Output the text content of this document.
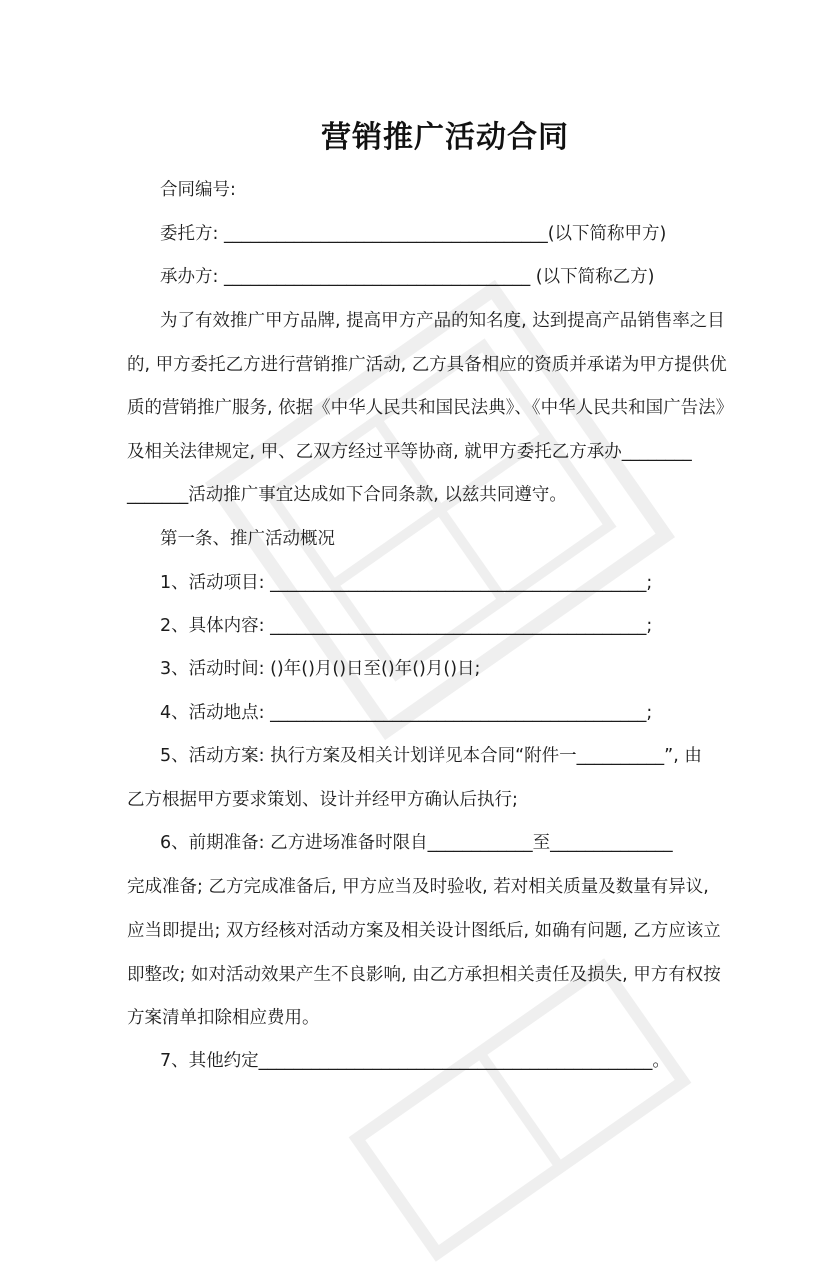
营销推广活动合同
合同编号:
委托方: _____________________________________(以下简称甲方)
承办方: ___________________________________ (以下简称乙方)
为了有效推广甲方品牌, 提高甲方产品的知名度, 达到提高产品销售率之目
的, 甲方委托乙方进行营销推广活动, 乙方具备相应的资质并承诺为甲方提供优
质的营销推广服务, 依据《中华人民共和国民法典》、《中华人民共和国广告法》
及相关法律规定, 甲、乙双方经过平等协商, 就甲方委托乙方承办________
_______活动推广事宜达成如下合同条款, 以兹共同遵守。
第一条、推广活动概况
1、活动项目: ___________________________________________;
2、具体内容: ___________________________________________;
3、活动时间: ()年()月()日至()年()月()日;
4、活动地点: ___________________________________________;
5、活动方案: 执行方案及相关计划详见本合同“附件一__________”, 由
乙方根据甲方要求策划、设计并经甲方确认后执行;
6、前期准备: 乙方进场准备时限自____________至______________
完成准备; 乙方完成准备后, 甲方应当及时验收, 若对相关质量及数量有异议,
应当即提出; 双方经核对活动方案及相关设计图纸后, 如确有问题, 乙方应该立
即整改; 如对活动效果产生不良影响, 由乙方承担相关责任及损失, 甲方有权按
方案清单扣除相应费用。
7、其他约定_____________________________________________。
